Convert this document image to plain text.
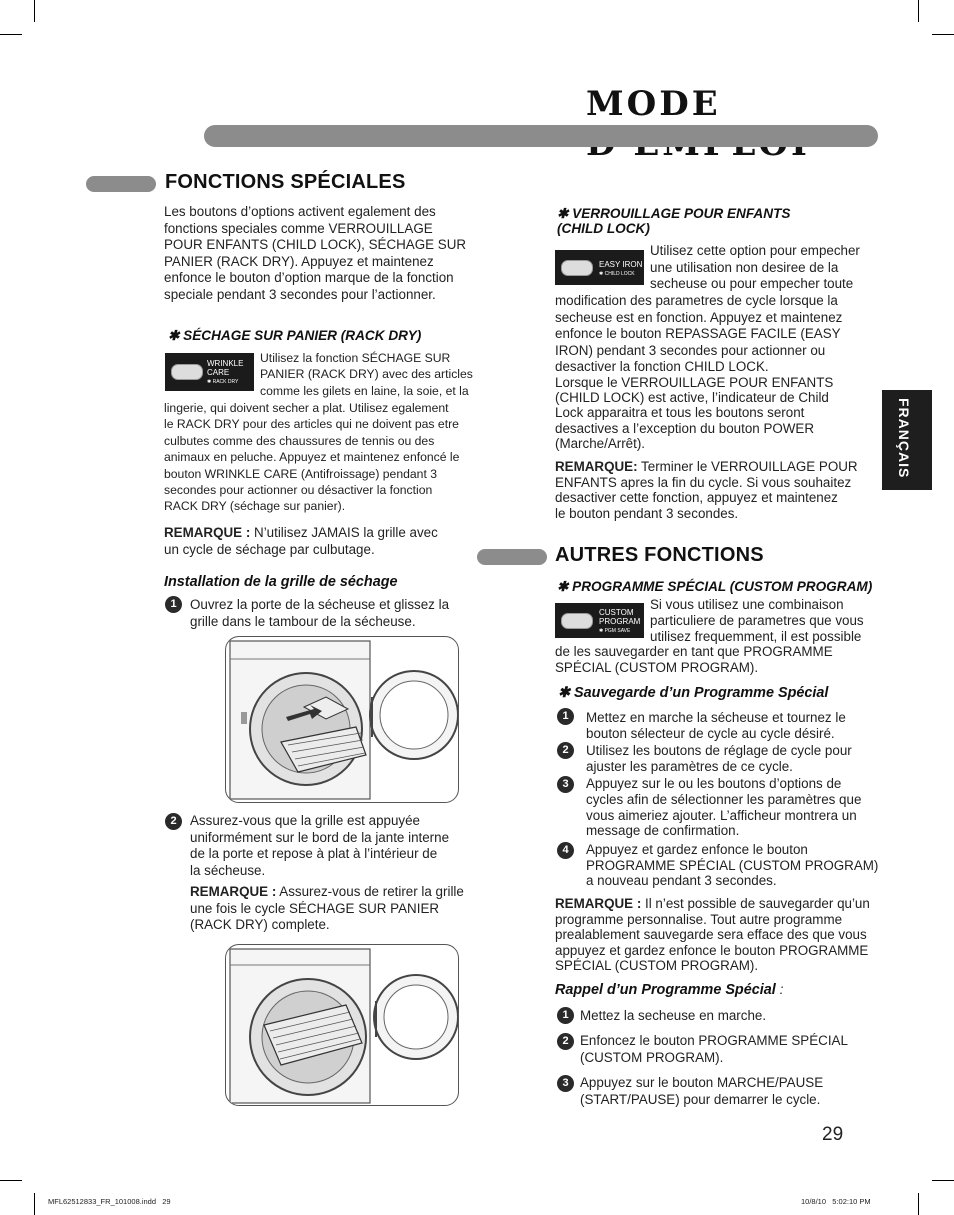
MODE
FRANÇAIS
FONCTIONS SPÉCIALES
Les boutons d’options activent egalement des
fonctions speciales comme VERROUILLAGE
POUR ENFANTS (CHILD LOCK), SÉCHAGE SUR
PANIER (RACK DRY). Appuyez et maintenez
enfonce le bouton d’option marque de la fonction
speciale pendant 3 secondes pour l’actionner.
✱ SÉCHAGE SUR PANIER (RACK DRY)
WRINKLE
CARE
✱ RACK DRY
Utilisez la fonction SÉCHAGE SUR
PANIER (RACK DRY) avec des articles
comme les gilets en laine, la soie, et la
lingerie, qui doivent secher a plat. Utilisez egalement
le RACK DRY pour des articles qui ne doivent pas etre
culbutes comme des chaussures de tennis ou des
animaux en peluche. Appuyez et maintenez enfoncé le
bouton WRINKLE CARE (Antifroissage) pendant 3
secondes pour actionner ou désactiver la fonction
RACK DRY (séchage sur panier).
REMARQUE : N’utilisez JAMAIS la grille avec
un cycle de séchage par culbutage.
Installation de la grille de séchage
1	Ouvrez la porte de la sécheuse et glissez la
grille dans le tambour de la sécheuse.
2	Assurez-vous que la grille est appuyée
uniformément sur le bord de la jante interne
de la porte et repose à plat à l’intérieur de
la sécheuse.
REMARQUE : Assurez-vous de retirer la grille
une fois le cycle SÉCHAGE SUR PANIER
(RACK DRY) complete.
✱ VERROUILLAGE POUR ENFANTS
(CHILD LOCK)
EASY IRON
✱ CHILD LOCK
Utilisez cette option pour empecher
une utilisation non desiree de la
secheuse ou pour empecher toute
modification des parametres de cycle lorsque la
secheuse est en fonction. Appuyez et maintenez
enfonce le bouton REPASSAGE FACILE (EASY
IRON) pendant 3 secondes pour actionner ou
desactiver la fonction CHILD LOCK.
Lorsque le VERROUILLAGE POUR ENFANTS
(CHILD LOCK) est active, l’indicateur de Child
Lock apparaitra et tous les boutons seront
desactives a l’exception du bouton POWER
(Marche/Arrêt).
REMARQUE: Terminer le VERROUILLAGE POUR
ENFANTS apres la fin du cycle. Si vous souhaitez
desactiver cette fonction, appuyez et maintenez
le bouton pendant 3 secondes.
AUTRES FONCTIONS
✱ PROGRAMME SPÉCIAL (CUSTOM PROGRAM)
CUSTOM
PROGRAM
✱ PGM SAVE
Si vous utilisez une combinaison
particuliere de parametres que vous
utilisez frequemment, il est possible
de les sauvegarder en tant que PROGRAMME
SPÉCIAL (CUSTOM PROGRAM).
✱ Sauvegarde d’un Programme Spécial
1	Mettez en marche la sécheuse et tournez le
bouton sélecteur de cycle au cycle désiré.
2	Utilisez les boutons de réglage de cycle pour
ajuster les paramètres de ce cycle.
3	Appuyez sur le ou les boutons d’options de
cycles afin de sélectionner les paramètres que
vous aimeriez ajouter. L’afficheur montrera un
message de confirmation.
4	Appuyez et gardez enfonce le bouton
PROGRAMME SPÉCIAL (CUSTOM PROGRAM)
a nouveau pendant 3 secondes.
REMARQUE : Il n’est possible de sauvegarder qu’un
programme personnalise. Tout autre programme
prealablement sauvegarde sera efface des que vous
appuyez et gardez enfonce le bouton PROGRAMME
SPÉCIAL (CUSTOM PROGRAM).
Rappel d’un Programme Spécial :
1 Mettez la secheuse en marche.
2 Enfoncez le bouton PROGRAMME SPÉCIAL
(CUSTOM PROGRAM).
3 Appuyez sur le bouton MARCHE/PAUSE
(START/PAUSE) pour demarrer le cycle.
29
MFL62512833_FR_101008.indd   29	10/8/10   5:02:10 PM
